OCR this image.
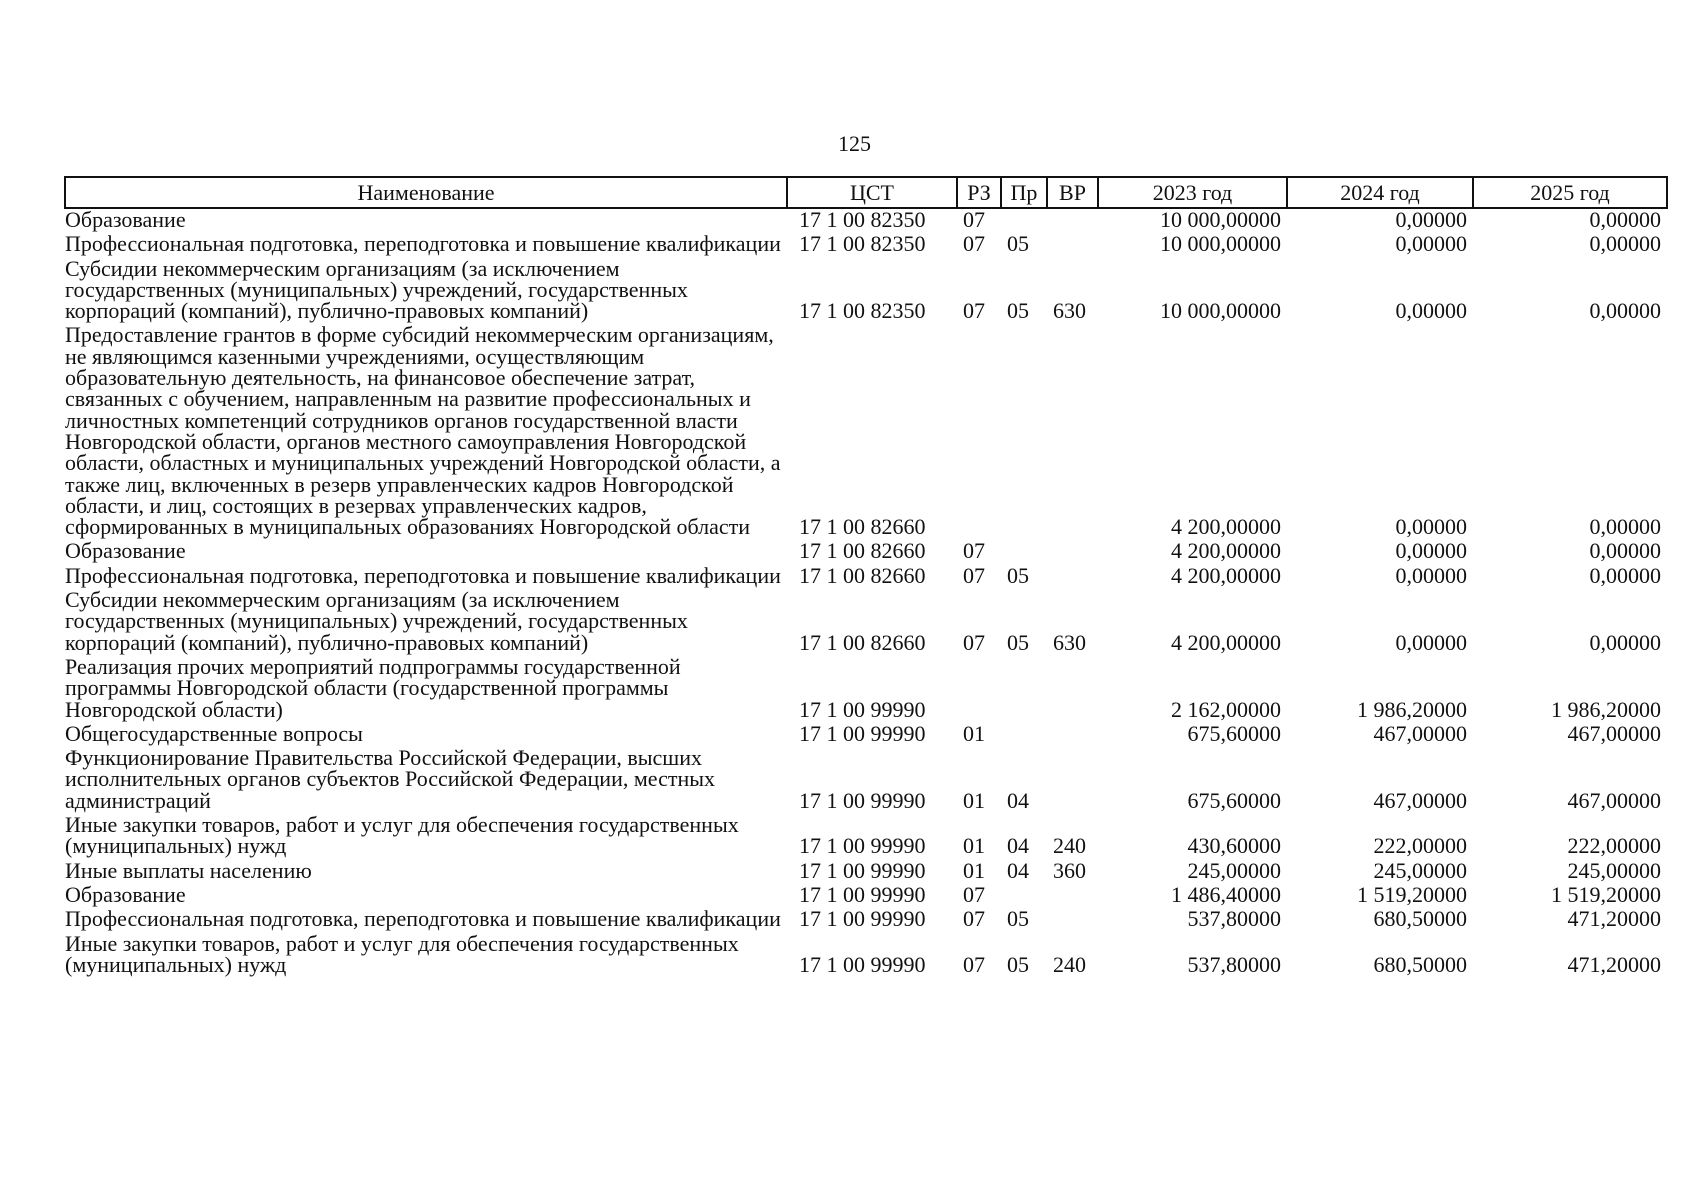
125
Наименование	ЦСТ	РЗ	Пр	ВР	2023 год	2024 год	2025 год
Образование	17 1 00 82350	07			10 000,00000	0,00000	0,00000
Профессиональная подготовка, переподготовка и повышение квалификации	17 1 00 82350	07	05		10 000,00000	0,00000	0,00000
Субсидии некоммерческим организациям (за исключением государственных (муниципальных) учреждений, государственных корпораций (компаний), публично-правовых компаний)	17 1 00 82350	07	05	630	10 000,00000	0,00000	0,00000
Предоставление грантов в форме субсидий некоммерческим организациям, не являющимся казенными учреждениями, осуществляющим образовательную деятельность, на финансовое обеспечение затрат, связанных с обучением, направленным на развитие профессиональных и личностных компетенций сотрудников органов государственной власти Новгородской области, органов местного самоуправления Новгородской области, областных и муниципальных учреждений Новгородской области, а также лиц, включенных в резерв управленческих кадров Новгородской области, и лиц, состоящих в резервах управленческих кадров, сформированных в муниципальных образованиях Новгородской области	17 1 00 82660				4 200,00000	0,00000	0,00000
Образование	17 1 00 82660	07			4 200,00000	0,00000	0,00000
Профессиональная подготовка, переподготовка и повышение квалификации	17 1 00 82660	07	05		4 200,00000	0,00000	0,00000
Субсидии некоммерческим организациям (за исключением государственных (муниципальных) учреждений, государственных корпораций (компаний), публично-правовых компаний)	17 1 00 82660	07	05	630	4 200,00000	0,00000	0,00000
Реализация прочих мероприятий подпрограммы государственной программы Новгородской области (государственной программы Новгородской области)	17 1 00 99990				2 162,00000	1 986,20000	1 986,20000
Общегосударственные вопросы	17 1 00 99990	01			675,60000	467,00000	467,00000
Функционирование Правительства Российской Федерации, высших исполнительных органов субъектов Российской Федерации, местных администраций	17 1 00 99990	01	04		675,60000	467,00000	467,00000
Иные закупки товаров, работ и услуг для обеспечения государственных (муниципальных) нужд	17 1 00 99990	01	04	240	430,60000	222,00000	222,00000
Иные выплаты населению	17 1 00 99990	01	04	360	245,00000	245,00000	245,00000
Образование	17 1 00 99990	07			1 486,40000	1 519,20000	1 519,20000
Профессиональная подготовка, переподготовка и повышение квалификации	17 1 00 99990	07	05		537,80000	680,50000	471,20000
Иные закупки товаров, работ и услуг для обеспечения государственных (муниципальных) нужд	17 1 00 99990	07	05	240	537,80000	680,50000	471,20000
